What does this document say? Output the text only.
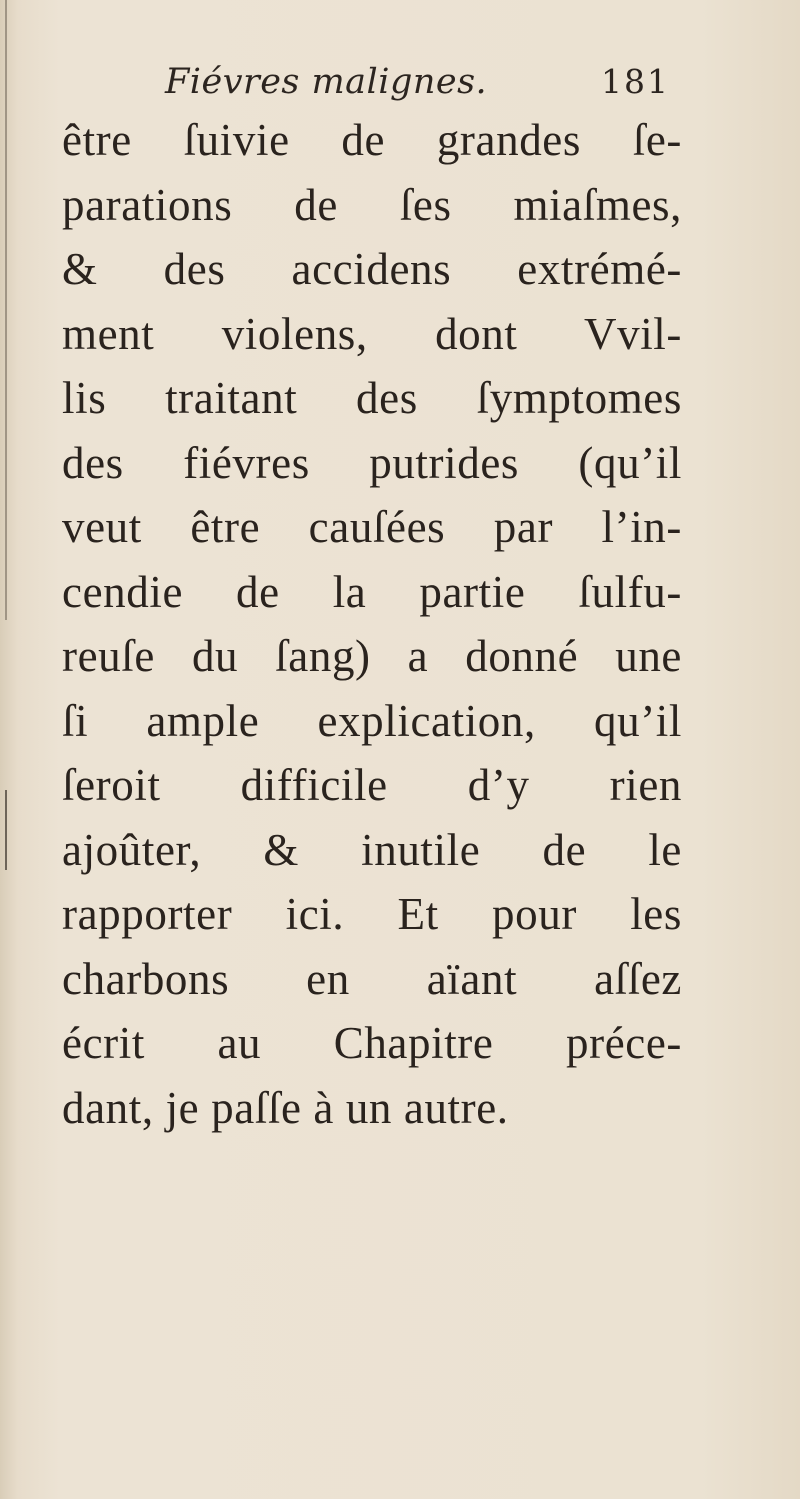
Fiévres malignes.	181
être ſuivie de grandes ſe-
parations de ſes miaſmes,
& des accidens extrémé-
ment violens, dont Vvil-
lis traitant des ſymptomes
des fiévres putrides (qu’il
veut être cauſées par l’in-
cendie de la partie ſulfu-
reuſe du ſang) a donné une
ſi ample explication, qu’il
ſeroit difficile d’y rien
ajoûter, & inutile de le
rapporter ici. Et pour les
charbons en aïant aſſez
écrit au Chapitre préce-
dant, je paſſe à un autre.
